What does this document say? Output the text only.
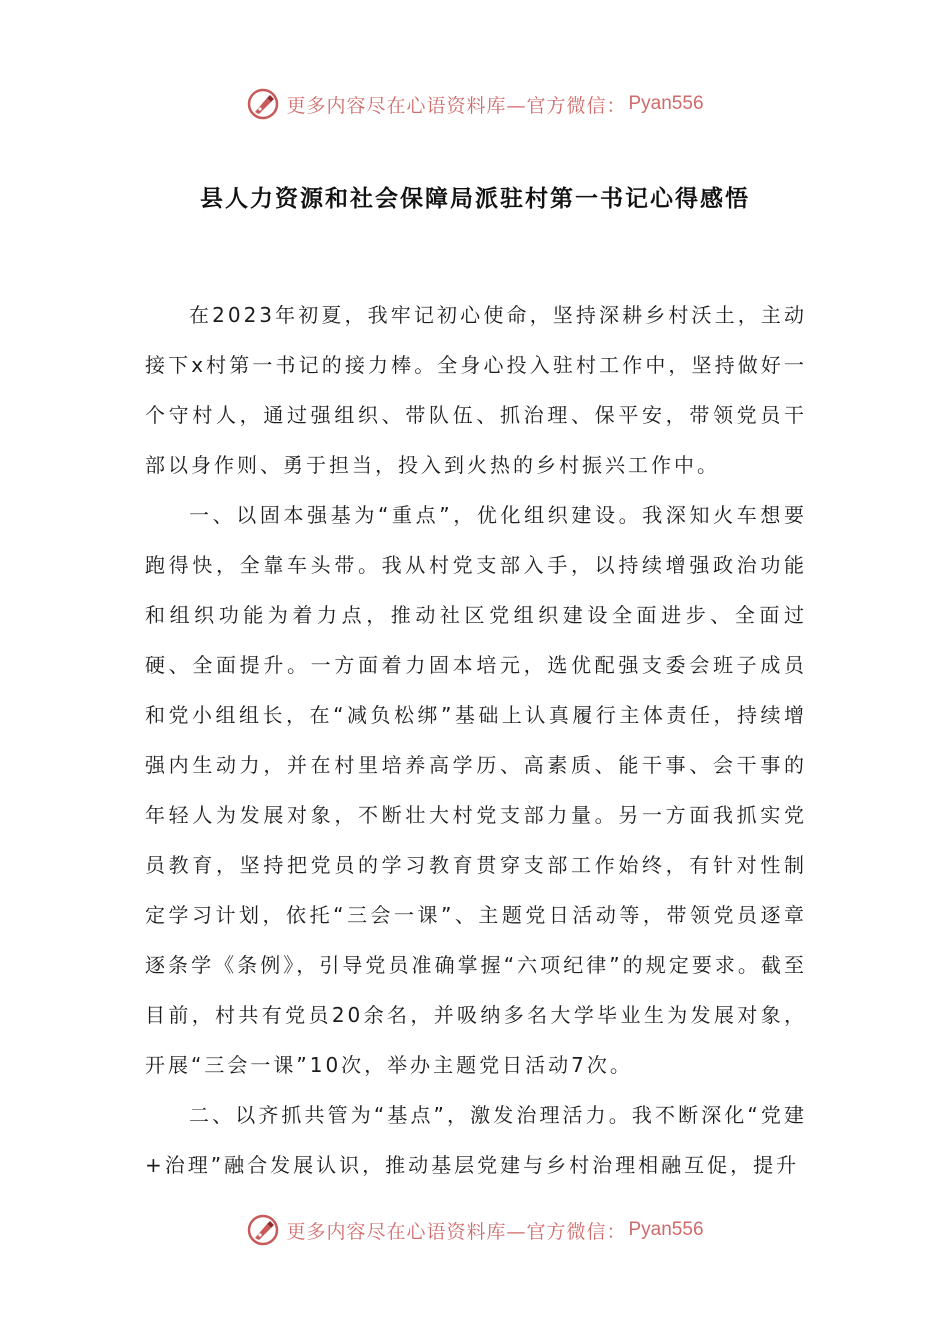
更多内容尽在心语资料库—官方微信： Pyan556
县人力资源和社会保障局派驻村第一书记心得感悟

在2023年初夏，我牢记初心使命，坚持深耕乡村沃土，主动接下x村第一书记的接力棒。全身心投入驻村工作中，坚持做好一个守村人，通过强组织、带队伍、抓治理、保平安，带领党员干部以身作则、勇于担当，投入到火热的乡村振兴工作中。

一、以固本强基为“重点”，优化组织建设。我深知火车想要跑得快，全靠车头带。我从村党支部入手，以持续增强政治功能和组织功能为着力点，推动社区党组织建设全面进步、全面过硬、全面提升。一方面着力固本培元，选优配强支委会班子成员和党小组组长，在“减负松绑”基础上认真履行主体责任，持续增强内生动力，并在村里培养高学历、高素质、能干事、会干事的年轻人为发展对象，不断壮大村党支部力量。另一方面我抓实党员教育，坚持把党员的学习教育贯穿支部工作始终，有针对性制定学习计划，依托“三会一课”、主题党日活动等，带领党员逐章逐条学《条例》，引导党员准确掌握“六项纪律”的规定要求。截至目前，村共有党员20余名，并吸纳多名大学毕业生为发展对象，开展“三会一课”10次，举办主题党日活动7次。

二、以齐抓共管为“基点”，激发治理活力。我不断深化“党建+治理”融合发展认识，推动基层党建与乡村治理相融互促，提升

更多内容尽在心语资料库—官方微信： Pyan556
